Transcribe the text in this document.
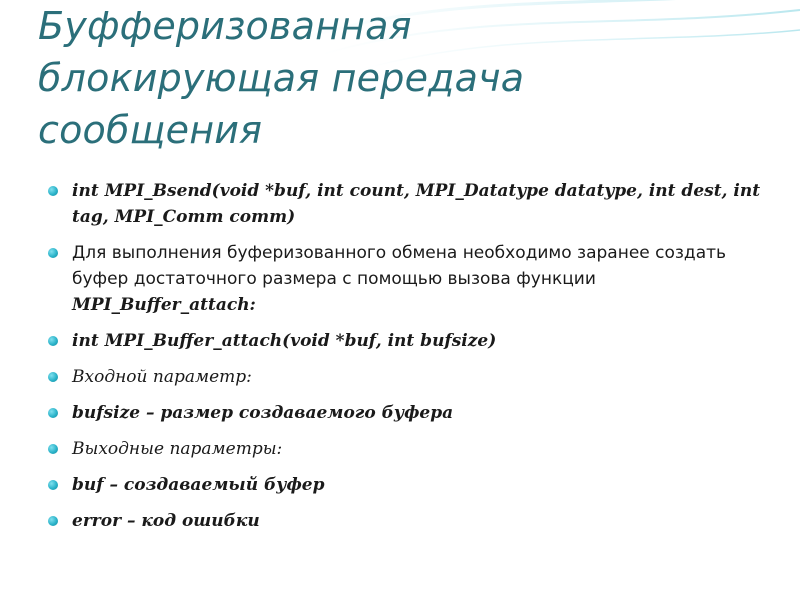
Буфферизованная
блокирующая передача
сообщения
int MPI_Bsend(void *buf, int count, MPI_Datatype datatype, int dest, int tag, MPI_Comm comm)
Для выполнения буферизованного обмена необходимо заранее создать буфер достаточного размера с помощью вызова функции MPI_Buffer_attach:
int MPI_Buffer_attach(void *buf, int bufsize)
Входной параметр:
bufsize – размер создаваемого буфера
Выходные параметры:
buf – создаваемый буфер
error – код ошибки
